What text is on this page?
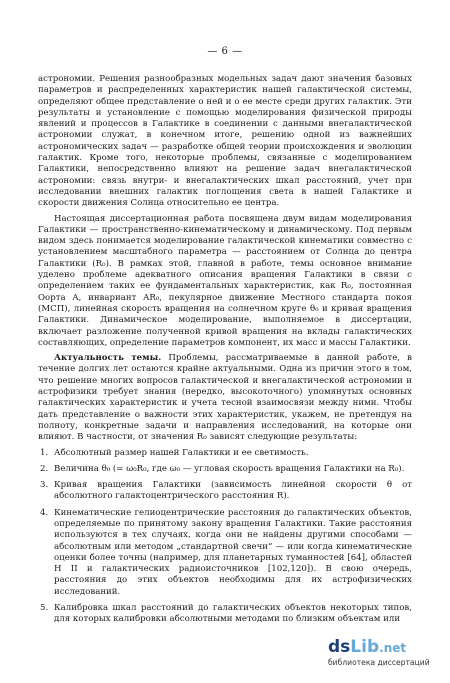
— 6 —

астрономии. Решения разнообразных модельных задач дают значения базовых параметров и распределенных характеристик нашей галактической системы, определяют общее представление о ней и о ее месте среди других галактик. Эти результаты и установление с помощью моделирования физической природы явлений и процессов в Галактике в соединении с данными внегалактической астрономии служат, в конечном итоге, решению одной из важнейших астрономических задач — разработке общей теории происхождения и эволюции галактик. Кроме того, некоторые проблемы, связанные с моделированием Галактики, непосредственно влияют на решение задач внегалактической астрономии: связь внутри- и внегалактических шкал расстояний, учет при исследовании внешних галактик поглощения света в нашей Галактике и скорости движения Солнца относительно ее центра.

Настоящая диссертационная работа посвящена двум видам моделирования Галактики — пространственно-кинематическому и динамическому. Под первым видом здесь понимается моделирование галактической кинематики совместно с установлением масштабного параметра — расстоянием от Солнца до центра Галактики (R₀). В рамках этой, главной в работе, темы основное внимание уделено проблеме адекватного описания вращения Галактики в связи с определением таких ее фундаментальных характеристик, как R₀, постоянная Оорта A, инвариант AR₀, пекулярное движение Местного стандарта покоя (МСП), линейная скорость вращения на солнечном круге θ₀ и кривая вращения Галактики. Динамическое моделирование, выполняемое в диссертации, включает разложение полученной кривой вращения на вклады галактических составляющих, определение параметров компонент, их масс и массы Галактики.

Актуальность темы. Проблемы, рассматриваемые в данной работе, в течение долгих лет остаются крайне актуальными. Одна из причин этого в том, что решение многих вопросов галактической и внегалактической астрономии и астрофизики требует знания (нередко, высокоточного) упомянутых основных галактических характеристик и учета тесной взаимосвязи между ними. Чтобы дать представление о важности этих характеристик, укажем, не претендуя на полноту, конкретные задачи и направления исследований, на которые они влияют. В частности, от значения R₀ зависят следующие результаты:

1. Абсолютный размер нашей Галактики и ее светимость.
2. Величина θ₀ (= ω₀R₀, где ω₀ — угловая скорость вращения Галактики на R₀).
3. Кривая вращения Галактики (зависимость линейной скорости θ от абсолютного галактоцентрического расстояния R).
4. Кинематические гелиоцентрические расстояния до галактических объектов, определяемые по принятому закону вращения Галактики. Такие расстояния используются в тех случаях, когда они не найдены другими способами — абсолютным или методом „стандартной свечи“ — или когда кинематические оценки более точны (например, для планетарных туманностей [64], областей H II и галактических радиоисточников [102,120]). В свою очередь, расстояния до этих объектов необходимы для их астрофизических исследований.
5. Калибровка шкал расстояний до галактических объектов некоторых типов, для которых калибровки абсолютными методами по близким объектам или
dsLib.net
библиотека диссертаций
